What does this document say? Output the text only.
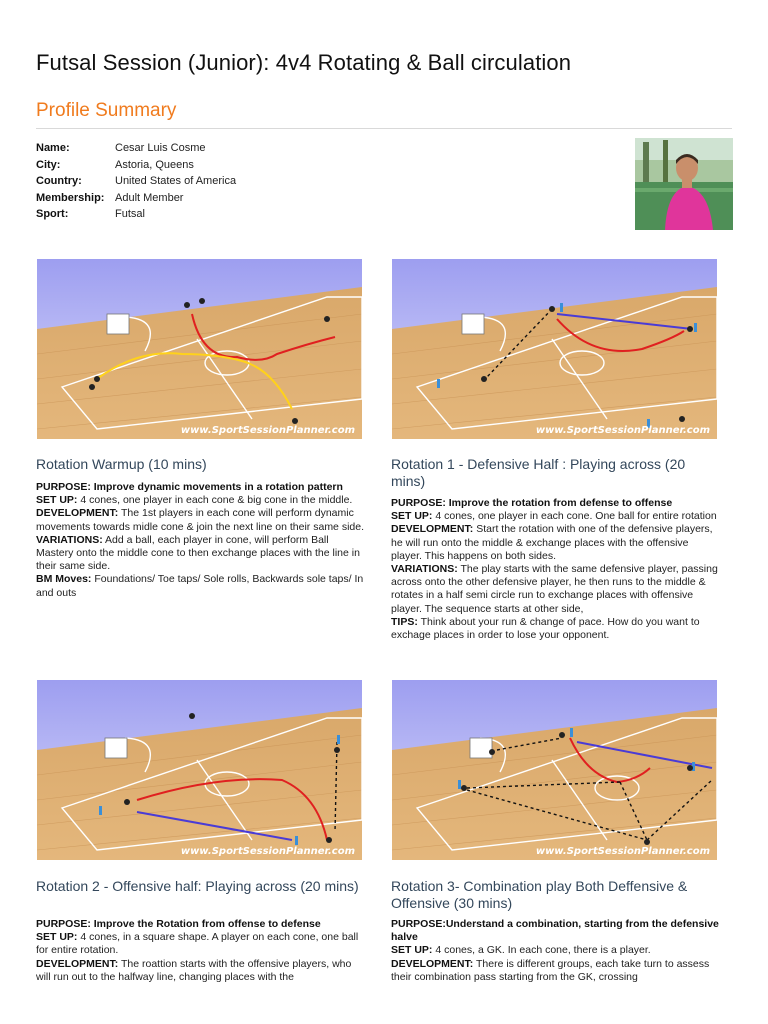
Futsal Session (Junior): 4v4 Rotating & Ball circulation
Profile Summary
Name:	Cesar Luis Cosme
City:	Astoria, Queens
Country:	United States of America
Membership: Adult Member
Sport:	Futsal
www.SportSessionPlanner.com
Rotation Warmup (10 mins)

PURPOSE: Improve dynamic movements in a rotation pattern

SET UP: 4 cones, one player in each cone & big cone in the middle.

DEVELOPMENT: The 1st players in each cone will perform dynamic movements towards midle cone & join the next line on their same side.

VARIATIONS: Add a ball, each player in cone, will perform Ball Mastery onto the middle cone to then exchange places with the line in their same side.

BM Moves: Foundations/ Toe taps/ Sole rolls, Backwards sole taps/ In and outs

www.SportSessionPlanner.com
Rotation 1 - Defensive Half : Playing across (20 mins)

PURPOSE: Improve the rotation from defense to offense

SET UP: 4 cones, one player in each cone. One ball for entire rotation

DEVELOPMENT: Start the rotation with one of the defensive players, he will run onto the middle & exchange places with the offensive player. This happens on both sides.

VARIATIONS: The play starts with the same defensive player, passing across onto the other defensive player, he then runs to the middle & rotates in a half semi circle run to exchange places with offensive player. The sequence starts at other side,

TIPS: Think about your run & change of pace. How do you want to exchage places in order to lose your opponent.

www.SportSessionPlanner.com
Rotation 2 - Offensive half: Playing across (20 mins)

PURPOSE: Improve the Rotation from offense to defense

SET UP: 4 cones, in a square shape. A player on each cone, one ball for entire rotation.

DEVELOPMENT: The roattion starts with the offensive players, who will run out to the halfway line, changing places with the

www.SportSessionPlanner.com
Rotation 3- Combination play Both Deffensive & Offensive (30 mins)

PURPOSE:Understand a combination, starting from the defensive halve

SET UP: 4 cones, a GK. In each cone, there is a player.

DEVELOPMENT: There is different groups, each take turn to assess their combination pass starting from the GK, crossing
